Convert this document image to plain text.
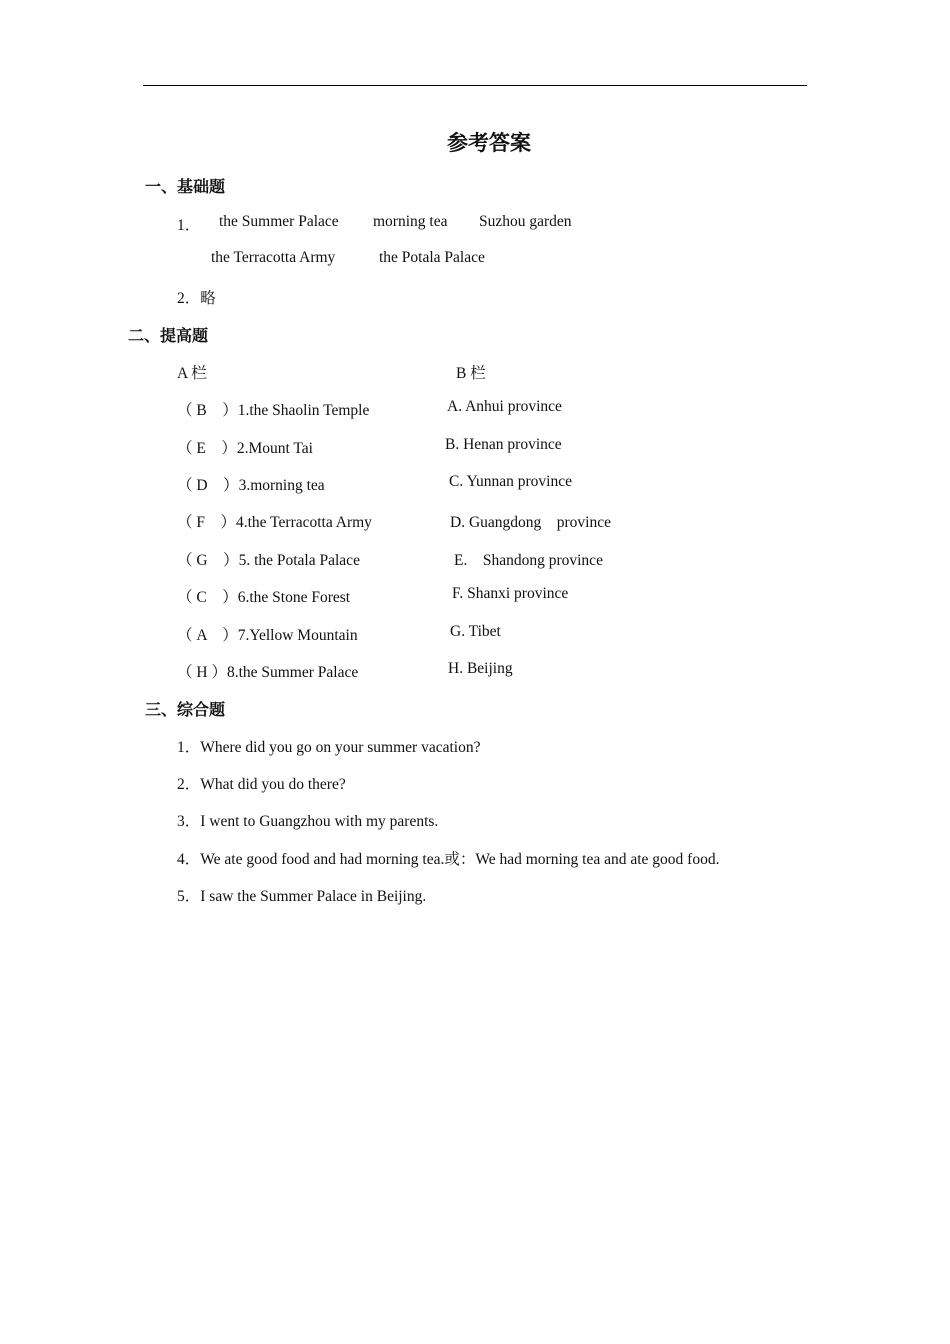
参考答案
一、基础题
1． the Summer Palace morning tea Suzhou garden
the Terracotta Army	the Potala Palace
2．略
二、提高题
A 栏	B 栏
（ B　）1.the Shaolin Temple	A. Anhui province
（ E　）2.Mount Tai	B. Henan province
（ D　）3.morning tea	C. Yunnan province
（ F　）4.the Terracotta Army	D. Guangdong　province
（ G　）5. the Potala Palace	E.　Shandong province
（ C　）6.the Stone Forest	F. Shanxi province
（ A　）7.Yellow Mountain	G. Tibet
（ H ）8.the Summer Palace	H. Beijing
三、综合题
1．Where did you go on your summer vacation?
2．What did you do there?
3．I went to Guangzhou with my parents.
4．We ate good food and had morning tea.或：We had morning tea and ate good food.
5．I saw the Summer Palace in Beijing.
